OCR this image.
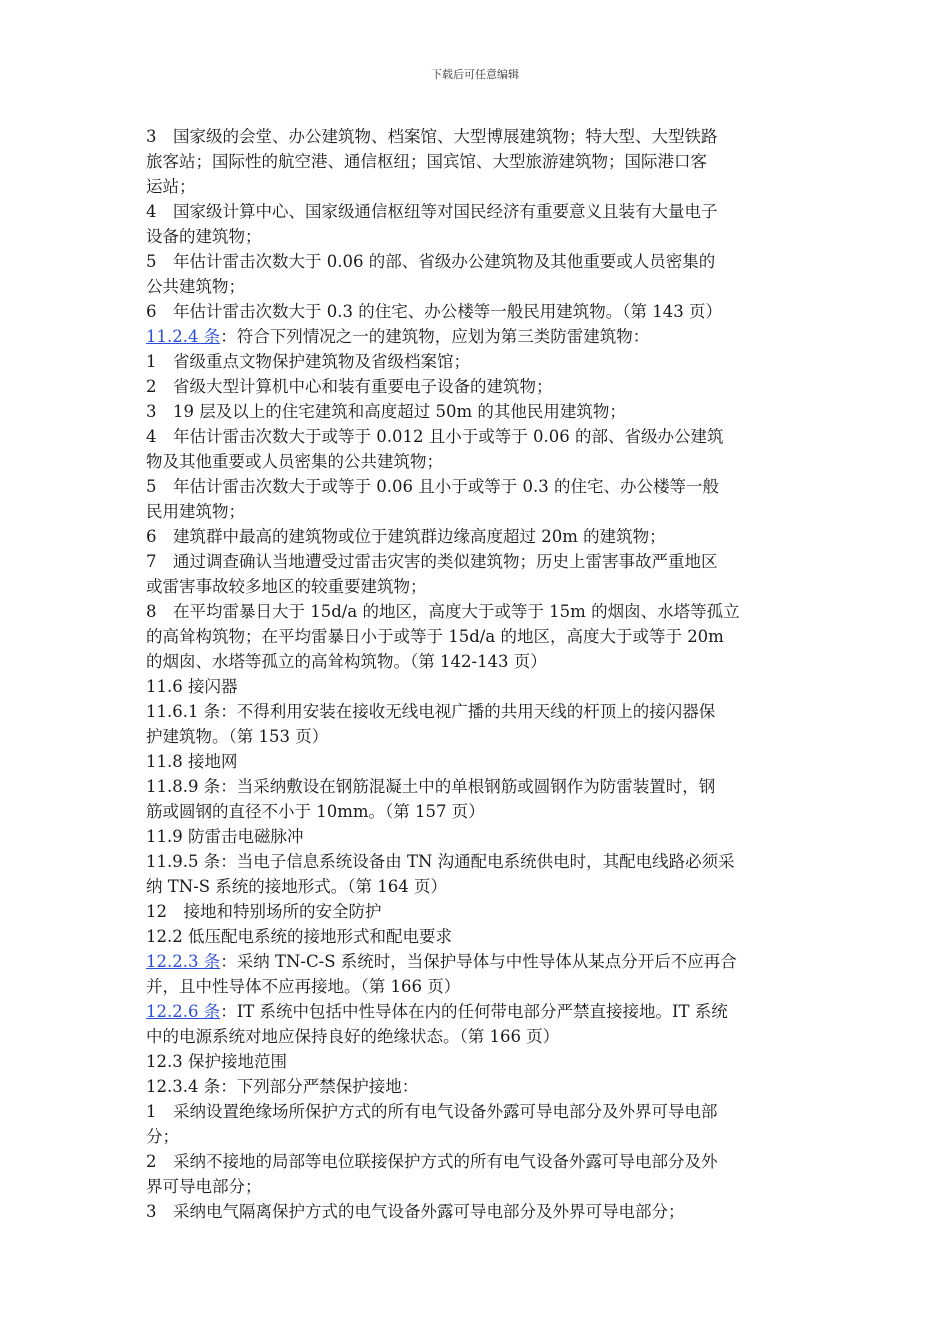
下载后可任意编辑
3　国家级的会堂、办公建筑物、档案馆、大型博展建筑物；特大型、大型铁路
旅客站；国际性的航空港、通信枢纽；国宾馆、大型旅游建筑物；国际港口客
运站；
4　国家级计算中心、国家级通信枢纽等对国民经济有重要意义且装有大量电子
设备的建筑物；
5　年估计雷击次数大于 0.06 的部、省级办公建筑物及其他重要或人员密集的
公共建筑物；
6　年估计雷击次数大于 0.3 的住宅、办公楼等一般民用建筑物。（第 143 页）
11.2.4 条：符合下列情况之一的建筑物，应划为第三类防雷建筑物：
1　省级重点文物保护建筑物及省级档案馆；
2　省级大型计算机中心和装有重要电子设备的建筑物；
3　19 层及以上的住宅建筑和高度超过 50m 的其他民用建筑物；
4　年估计雷击次数大于或等于 0.012 且小于或等于 0.06 的部、省级办公建筑
物及其他重要或人员密集的公共建筑物；
5　年估计雷击次数大于或等于 0.06 且小于或等于 0.3 的住宅、办公楼等一般
民用建筑物；
6　建筑群中最高的建筑物或位于建筑群边缘高度超过 20m 的建筑物；
7　通过调查确认当地遭受过雷击灾害的类似建筑物；历史上雷害事故严重地区
或雷害事故较多地区的较重要建筑物；
8　在平均雷暴日大于 15d/a 的地区，高度大于或等于 15m 的烟囱、水塔等孤立
的高耸构筑物；在平均雷暴日小于或等于 15d/a 的地区，高度大于或等于 20m
的烟囱、水塔等孤立的高耸构筑物。（第 142-143 页）
11.6 接闪器
11.6.1 条：不得利用安装在接收无线电视广播的共用天线的杆顶上的接闪器保
护建筑物。（第 153 页）
11.8 接地网
11.8.9 条：当采纳敷设在钢筋混凝土中的单根钢筋或圆钢作为防雷装置时，钢
筋或圆钢的直径不小于 10mm。（第 157 页）
11.9 防雷击电磁脉冲
11.9.5 条：当电子信息系统设备由 TN 沟通配电系统供电时，其配电线路必须采
纳 TN-S 系统的接地形式。（第 164 页）
12　接地和特别场所的安全防护
12.2 低压配电系统的接地形式和配电要求
12.2.3 条：采纳 TN-C-S 系统时，当保护导体与中性导体从某点分开后不应再合
并，且中性导体不应再接地。（第 166 页）
12.2.6 条：IT 系统中包括中性导体在内的任何带电部分严禁直接接地。IT 系统
中的电源系统对地应保持良好的绝缘状态。（第 166 页）
12.3 保护接地范围
12.3.4 条：下列部分严禁保护接地：
1　采纳设置绝缘场所保护方式的所有电气设备外露可导电部分及外界可导电部
分；
2　采纳不接地的局部等电位联接保护方式的所有电气设备外露可导电部分及外
界可导电部分；
3　采纳电气隔离保护方式的电气设备外露可导电部分及外界可导电部分；
